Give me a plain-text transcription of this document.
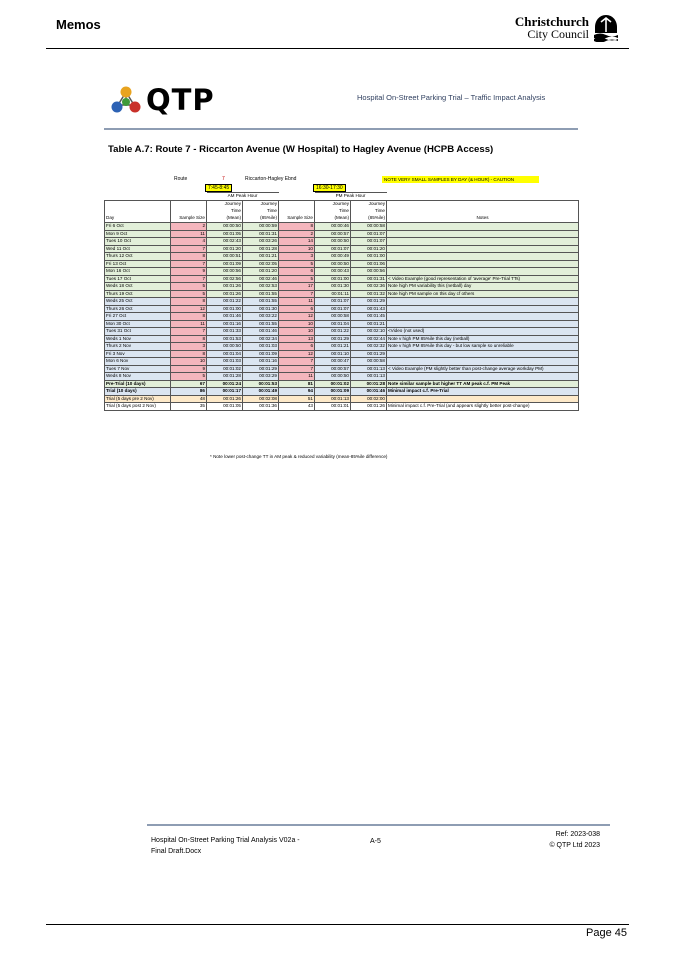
Memos	Christchurch
City Council
QTP	Hospital On-Street Parking Trial – Traffic Impact Analysis
Table A.7: Route 7 - Riccarton Avenue (W Hospital) to Hagley Avenue (HCPB Access)
Route	7	Riccarton-Hagley Ebnd
7:45-8:45	16:30-17:30
NOTE VERY SMALL SAMPLES BY DAY (& HOUR) - CAUTION
		AM Peak Hour			PM Peak Hour		
		Journey	Journey		Journey	Journey	
		Time	Time		Time	Time	
Day	Sample Size	(Mean)	(85%ile)	Sample Size	(Mean)	(85%ile)	Notes
Fri 6 Oct	2	00:00:50	00:00:59	8	00:00:46	00:00:58	
Mon 9 Oct	11	00:01:05	00:01:31	2	00:00:57	00:01:07	
Tues 10 Oct	4	00:02:43	00:03:26	14	00:00:50	00:01:07	
Wed 11 Oct	7	00:01:20	00:01:28	10	00:01:07	00:01:20	
Thurs 12 Oct	8	00:00:51	00:01:21	3	00:00:49	00:01:00	
Fri 13 Oct	7	00:01:09	00:02:05	5	00:00:50	00:01:06	
Mon 16 Oct	9	00:00:56	00:01:20	6	00:00:43	00:00:56	
Tues 17 Oct	7	00:02:56	00:02:46	5	00:01:00	00:01:31	< Video Example (good representation of 'average' Pre-Trial TTs)
Weds 18 Oct	5	00:01:26	00:02:53	17	00:01:30	00:02:36	Note high PM variability this (netball) day
Thurs 19 Oct	5	00:01:26	00:01:55	7	00:01:11	00:01:32	Note high PM sample on this day cf others
Weds 25 Oct	8	00:01:22	00:01:55	11	00:01:07	00:01:29	
Thurs 26 Oct	12	00:01:00	00:01:30	6	00:01:07	00:01:43	
Fri 27 Oct	8	00:01:46	00:03:22	12	00:00:58	00:01:45	
Mon 30 Oct	11	00:01:16	00:01:55	10	00:01:04	00:01:21	
Tues 31 Oct	7	00:01:33	00:01:46	10	00:01:22	00:02:10	<Video (not used)
Weds 1 Nov	8	00:01:53	00:02:34	13	00:01:29	00:02:44	Note v high PM 85%ile this day (netball)
Thurs 2 Nov	3	00:00:50	00:01:03	6	00:01:21	00:02:32	Note v high PM 85%ile this day - but low sample so unreliable
Fri 3 Nov	8	00:01:04	00:01:09	12	00:01:10	00:01:29	
Mon 6 Nov	10	00:01:03	00:01:16	7	00:00:47	00:00:58	
Tues 7 Nov	9	00:01:02	00:01:29	7	00:00:57	00:01:13	< Video Example (PM slightly better than post-change average workday PM)
Weds 8 Nov	5	00:01:28	00:03:29	11	00:00:50	00:01:13	
Pre-Trial (10 days)	67	00:01:24	00:01:53	81	00:01:02	00:01:28	Note similar sample but higher TT AM peak c.f. PM Peak
Trial (10 days)	86	00:01:17	00:01:49	94	00:01:09	00:01:46	Minimal impact c.f. Pre-Trial
Trial (5 days pre 2 Nov)	48	00:01:26	00:02:08	51	00:01:13	00:02:00	
Trial (5 days post 2 Nov)	35	00:01:05	00:01:36	43	00:01:01	00:01:26	Minimal impact c.f. Pre-Trial (and appears slightly better post-change)
* Note lower post-change TT in AM peak & reduced variability (mean-85%ile difference)
Hospital On-Street Parking Trial Analysis V02a -
Final Draft.Docx
A-5
Ref: 2023-038
© QTP Ltd 2023
Page 45
